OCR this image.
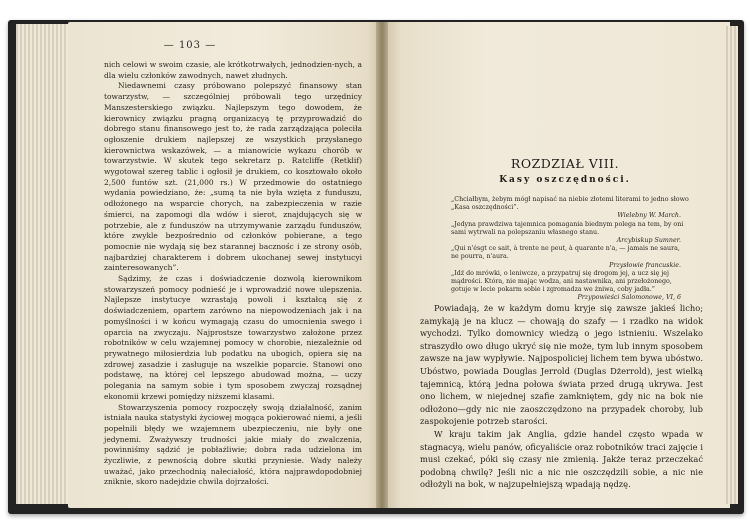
— 103 —

nich celowi w swoim czasie, ale krótkotrwałych, jednodzien-nych, a dla wielu członków zawodnych, nawet złudnych.

Niedawnemi czasy próbowano polepszyć finansowy stan towarzystw, — szczególniej próbowali tego urzędnicy Manszesterskiego związku. Najlepszym tego dowodem, że kierownicy związku pragną organizacyą tę przyprowadzić do dobrego stanu finansowego jest to, że rada zarządzająca poleciła ogłoszenie drukiem najlepszej ze wszystkich przysłanego kierownictwa wskazówek, — a mianowicie wykazu chorób w towarzystwie. W skutek tego sekretarz p. Ratcliffe (Retklif) wygotował szereg tablic i ogłosił je drukiem, co kosztowało około 2,500 funtów szt. (21,000 rs.) W przedmowie do ostatniego wydania powiedziano, że: „sumą ta nie była wzięta z funduszu, odłożonego na wsparcie chorych, na zabezpieczenia w razie śmierci, na zapomogi dla wdów i sierot, znajdujących się w potrzebie, ale z funduszów na utrzymywanie zarządu funduszów, które zwykle bezpośrednio od członków pobierane, a tego pomocnie nie wydają się bez starannej bacznośc i ze strony osób, najbardziej charakterem i dobrem ukochanej sewej instytucyi zainteresowanych”.

Sądzimy, że czas i doświadczenie dozwolą kierownikom stowarzyszeń pomocy podnieść je i wprowadzić nowe ulepszenia. Najlepsze instytucye wzrastają powoli i kształcą się z doświadczeniem, opartem zarówno na niepowodzeniach jak i na pomyślności i w końcu wymagają czasu do umocnienia swego i oparcia na zwyczaju. Najprostsze towarzystwo założone przez robotników w celu wzajemnej pomocy w chorobie, niezależnie od prywatnego miłosierdzia lub podatku na ubogich, opiera się na zdrowej zasadzie i zasługuje na wszelkie poparcie. Stanowi ono podstawę, na której cel lepszego abudowad można, — uczy polegania na samym sobie i tym sposobem zwyczaj rozsądnej ekonomii krzewi pomiędzy niższemi klasami.

Stowarzyszenia pomocy rozpoczęły swoją działalność, zanim istniała nauka statystyki życiowej mogąca pokierować niemi, a jeśli popełnili błędy we wzajemnem ubezpieczeniu, nie były one jedynemi. Zważywszy trudności jakie miały do zwalczenia, powinniśmy sądzić je pobłażliwie; dobra rada udzielona im życzliwie, z pewnością dobre skutki przyniesie. Wady należy uważać, jako przechodnią nałeciałość, która najprawdopodobniej zniknie, skoro nadejdzie chwila dojrzałości.

ROZDZIAŁ VIII.
Kasy oszczędności.
„Chciałbym, żebym mógł napisać na niebie złotemi literami to jedno słowo „Kasa oszczędności”.
Wielebny W. March.
„Jedyna prawdziwa tajemnica pomagania biednym polega na tem, by oni sami wytrwali na polepszaniu własnego stanu.
Arcybiskup Sumner.
„Qui n'ésgt ce sait, à trente ne peut, à quarante n'a, — jamais ne saura, ne pourra, n'aura.
Przysłowie francuskie.
„Idź do mrówki, o leniwcze, a przypatruj się drogom jej, a ucz się jej mądrości. Która, nie mając wodza, ani nastawnika, ani przełożonego, gotuje w lecie pokarm sobie i zgromadza we żniwa, coby jadła.”
Przypowieści Salomonowe, VI, 6

Powiadają, że w każdym domu kryje się zawsze jakieś licho; zamykają je na klucz — chowają do szafy — i rzadko na widok wychodzi. Tylko domownicy wiedzą o jego istnieniu. Wszelako straszydło owo długo ukryć się nie może, tym lub innym sposobem zawsze na jaw wypływie. Najpospoliciej lichem tem bywa ubóstwo. Ubóstwo, powiada Douglas Jerrold (Duglas Dżerrold), jest wielką tajemnicą, którą jedna połowa świata przed drugą ukrywa. Jest ono lichem, w niejednej szafie zamkniętem, gdy nic na bok nie odłożono—gdy nic nie zaoszczędzono na przypadek choroby, lub zaspokojenie potrzeb starości.

W kraju takim jak Anglia, gdzie handel często wpada w stagnacyą, wielu panów, oficyaliście oraz robotników traci zajęcie i musi czekać, póki się czasy nie zmienią. Jakże teraz przeczekać podobną chwilę? Jeśli nic a nic nie oszczędzili sobie, a nic nie odłożyli na bok, w najzupełniejszą wpadają nędzę.
